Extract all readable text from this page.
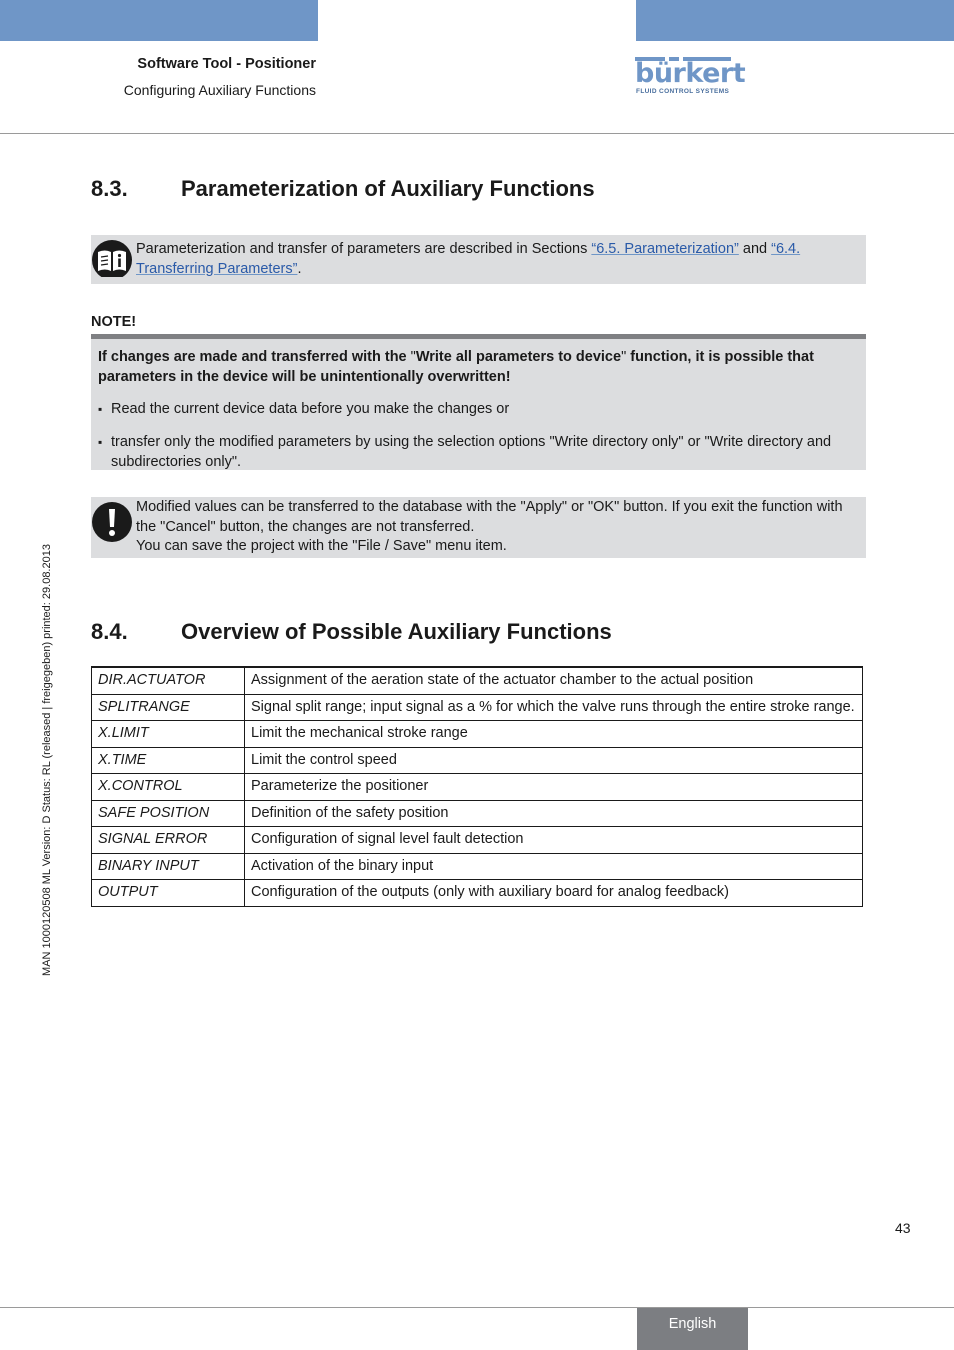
Software Tool - Positioner
Configuring Auxiliary Functions
bürkert
FLUID CONTROL SYSTEMS
MAN 1000120508 ML Version: D Status: RL (released | freigegeben) printed: 29.08.2013
8.3. Parameterization of Auxiliary Functions
Parameterization and transfer of parameters are described in Sections “6.5. Parameterization” and “6.4. Transferring Parameters”.
NOTE!
If changes are made and transferred with the "Write all parameters to device" function, it is possible that parameters in the device will be unintentionally overwritten!
▪ Read the current device data before you make the changes or
▪ transfer only the modified parameters by using the selection options "Write directory only" or "Write directory and subdirectories only".
Modified values can be transferred to the database with the "Apply" or "OK" button. If you exit the function with the "Cancel" button, the changes are not transferred.
You can save the project with the "File / Save" menu item.
8.4. Overview of Possible Auxiliary Functions
DIR.ACTUATOR	Assignment of the aeration state of the actuator chamber to the actual position
SPLITRANGE	Signal split range; input signal as a % for which the valve runs through the entire stroke range.
X.LIMIT	Limit the mechanical stroke range
X.TIME	Limit the control speed
X.CONTROL	Parameterize the positioner
SAFE POSITION	Definition of the safety position
SIGNAL ERROR	Configuration of signal level fault detection
BINARY INPUT	Activation of the binary input
OUTPUT	Configuration of the outputs (only with auxiliary board for analog feedback)
43
English
